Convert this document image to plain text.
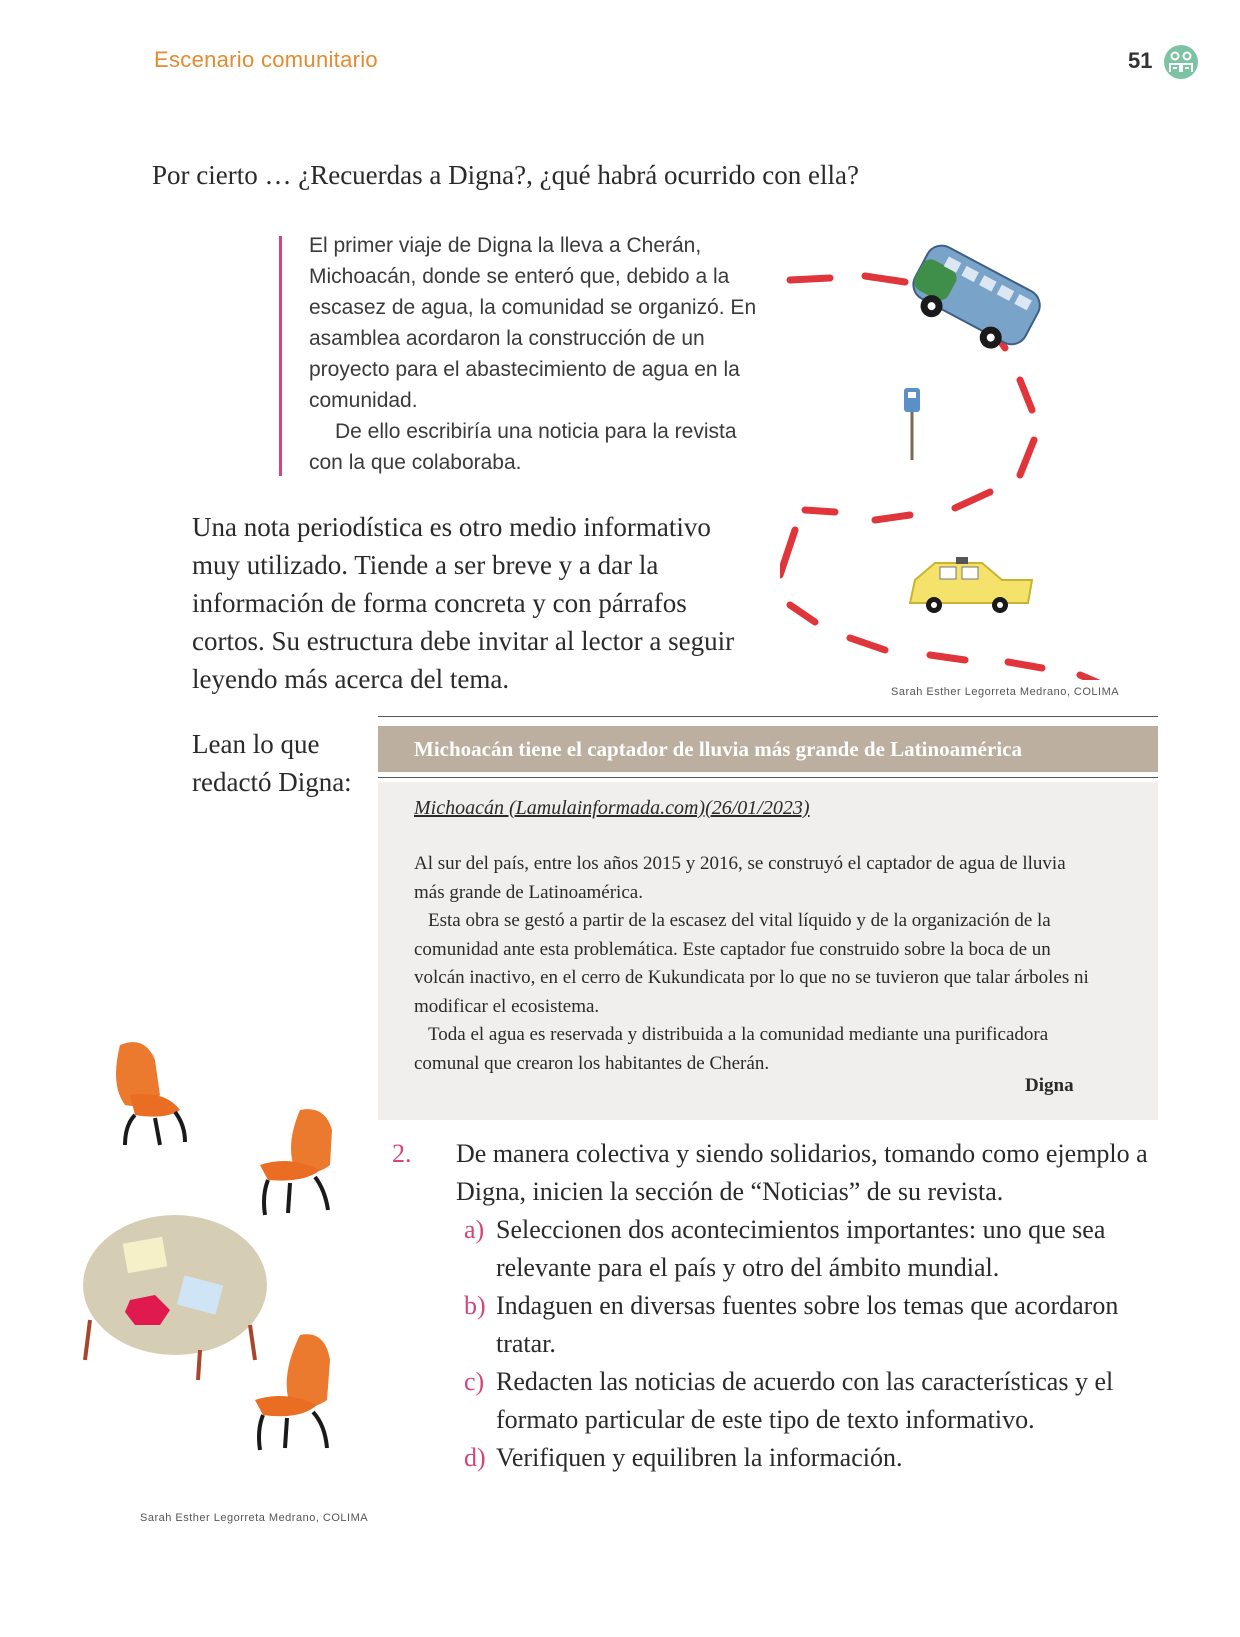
Escenario comunitario	51
Por cierto … ¿Recuerdas a Digna?, ¿qué habrá ocurrido con ella?

El primer viaje de Digna la lleva a Cherán, Michoacán, donde se enteró que, debido a la escasez de agua, la comunidad se organizó. En asamblea acordaron la construcción de un proyecto para el abastecimiento de agua en la comunidad.

De ello escribiría una noticia para la revista con la que colaboraba.

Sarah Esther Legorreta Medrano, COLIMA
Una nota periodística es otro medio informativo muy utilizado. Tiende a ser breve y a dar la información de forma concreta y con párrafos cortos. Su estructura debe invitar al lector a seguir leyendo más acerca del tema.
Lean lo que redactó Digna:
Michoacán tiene el captador de lluvia más grande de Latinoamérica
Michoacán (Lamulainformada.com)(26/01/2023)

Al sur del país, entre los años 2015 y 2016, se construyó el captador de agua de lluvia más grande de Latinoamérica.

Esta obra se gestó a partir de la escasez del vital líquido y de la organización de la comunidad ante esta problemática. Este captador fue construido sobre la boca de un volcán inactivo, en el cerro de Kukundicata por lo que no se tuvieron que talar árboles ni modificar el ecosistema.

Toda el agua es reservada y distribuida a la comunidad mediante una purificadora comunal que crearon los habitantes de Cherán.

Digna
2. De manera colectiva y siendo solidarios, tomando como ejemplo a Digna, inicien la sección de “Noticias” de su revista.
a) Seleccionen dos acontecimientos importantes: uno que sea relevante para el país y otro del ámbito mundial.
b) Indaguen en diversas fuentes sobre los temas que acordaron tratar.
c) Redacten las noticias de acuerdo con las características y el formato particular de este tipo de texto informativo.
d) Verifiquen y equilibren la información.
Sarah Esther Legorreta Medrano, COLIMA
